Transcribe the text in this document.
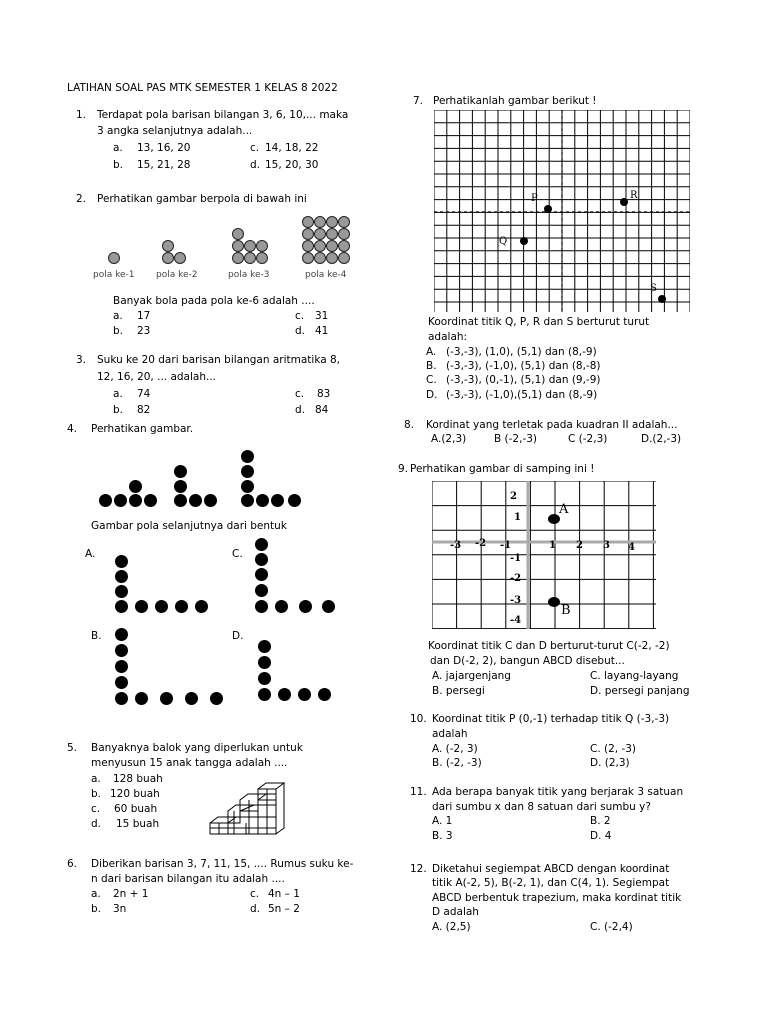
LATIHAN SOAL PAS MTK SEMESTER 1 KELAS 8 2022
1. Terdapat pola barisan bilangan 3, 6, 10,... maka
3 angka selanjutnya adalah...
a. 13, 16, 20	c. 14, 18, 22
b. 15, 21, 28	d. 15, 20, 30
2. Perhatikan gambar berpola di bawah ini
pola ke-1 pola ke-2	pola ke-3	pola ke-4
Banyak bola pada pola ke-6 adalah ....
a. 17	c. 31
b. 23	d. 41
3. Suku ke 20 dari barisan bilangan aritmatika 8,
12, 16, 20, ... adalah...
a. 74	c. 83
b. 82	d. 84
4. Perhatikan gambar.
Gambar pola selanjutnya dari bentuk
A.	C.
B.	D.
5. Banyaknya balok yang diperlukan untuk
menyusun 15 anak tangga adalah ....
a. 128 buah
b. 120 buah
c. 60 buah
d. 15 buah
6. Diberikan barisan 3, 7, 11, 15, .... Rumus suku ke-
n dari barisan bilangan itu adalah ....
a. 2n + 1	c. 4n – 1
b. 3n	d. 5n – 2
7. Perhatikanlah gambar berikut !
P	R
Q
S
Koordinat titik Q, P, R dan S berturut turut
adalah:
A. (-3,-3), (1,0), (5,1) dan (8,-9)
B. (-3,-3), (-1,0), (5,1) dan (8,-8)
C. (-3,-3), (0,-1), (5,1) dan (9,-9)
D. (-3,-3), (-1,0),(5,1) dan (8,-9)
8. Kordinat yang terletak pada kuadran II adalah...
A.(2,3)	B (-2,-3)	C (-2,3)	D.(2,-3)
9. Perhatikan gambar di samping ini !
-3 -2 -1	1 2 3 4
2
1
-1
-2
-3
-4
A
B
Koordinat titik C dan D berturut-turut C(-2, -2)
dan D(-2, 2), bangun ABCD disebut...
A. jajargenjang	C. layang-layang
B. persegi	D. persegi panjang
10. Koordinat titik P (0,-1) terhadap titik Q (-3,-3)
adalah
A. (-2, 3)	C. (2, -3)
B. (-2, -3)	D. (2,3)
11. Ada berapa banyak titik yang berjarak 3 satuan
dari sumbu x dan 8 satuan dari sumbu y?
A. 1	B. 2
B. 3	D. 4
12. Diketahui segiempat ABCD dengan koordinat
titik A(-2, 5), B(-2, 1), dan C(4, 1). Segiempat
ABCD berbentuk trapezium, maka kordinat titik
D adalah
A. (2,5)	C. (-2,4)
